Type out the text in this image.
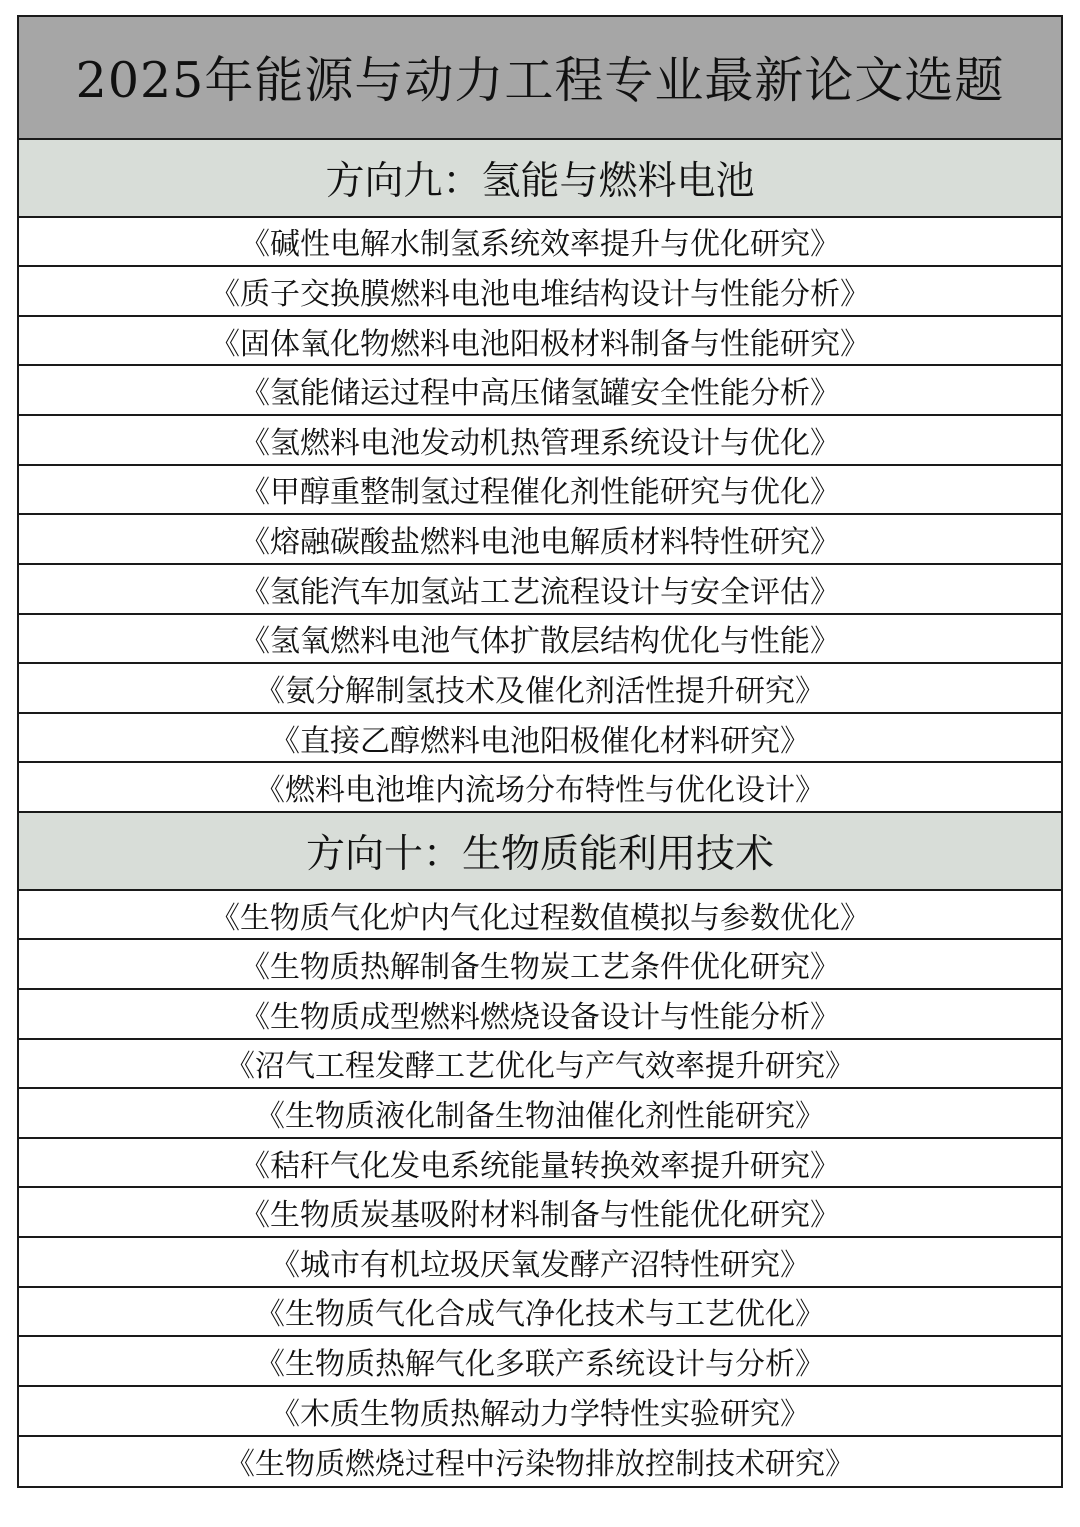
2025年能源与动力工程专业最新论文选题
方向九：氢能与燃料电池
《碱性电解水制氢系统效率提升与优化研究》
《质子交换膜燃料电池电堆结构设计与性能分析》
《固体氧化物燃料电池阳极材料制备与性能研究》
《氢能储运过程中高压储氢罐安全性能分析》
《氢燃料电池发动机热管理系统设计与优化》
《甲醇重整制氢过程催化剂性能研究与优化》
《熔融碳酸盐燃料电池电解质材料特性研究》
《氢能汽车加氢站工艺流程设计与安全评估》
《氢氧燃料电池气体扩散层结构优化与性能》
《氨分解制氢技术及催化剂活性提升研究》
《直接乙醇燃料电池阳极催化材料研究》
《燃料电池堆内流场分布特性与优化设计》
方向十：生物质能利用技术
《生物质气化炉内气化过程数值模拟与参数优化》
《生物质热解制备生物炭工艺条件优化研究》
《生物质成型燃料燃烧设备设计与性能分析》
《沼气工程发酵工艺优化与产气效率提升研究》
《生物质液化制备生物油催化剂性能研究》
《秸秆气化发电系统能量转换效率提升研究》
《生物质炭基吸附材料制备与性能优化研究》
《城市有机垃圾厌氧发酵产沼特性研究》
《生物质气化合成气净化技术与工艺优化》
《生物质热解气化多联产系统设计与分析》
《木质生物质热解动力学特性实验研究》
《生物质燃烧过程中污染物排放控制技术研究》
